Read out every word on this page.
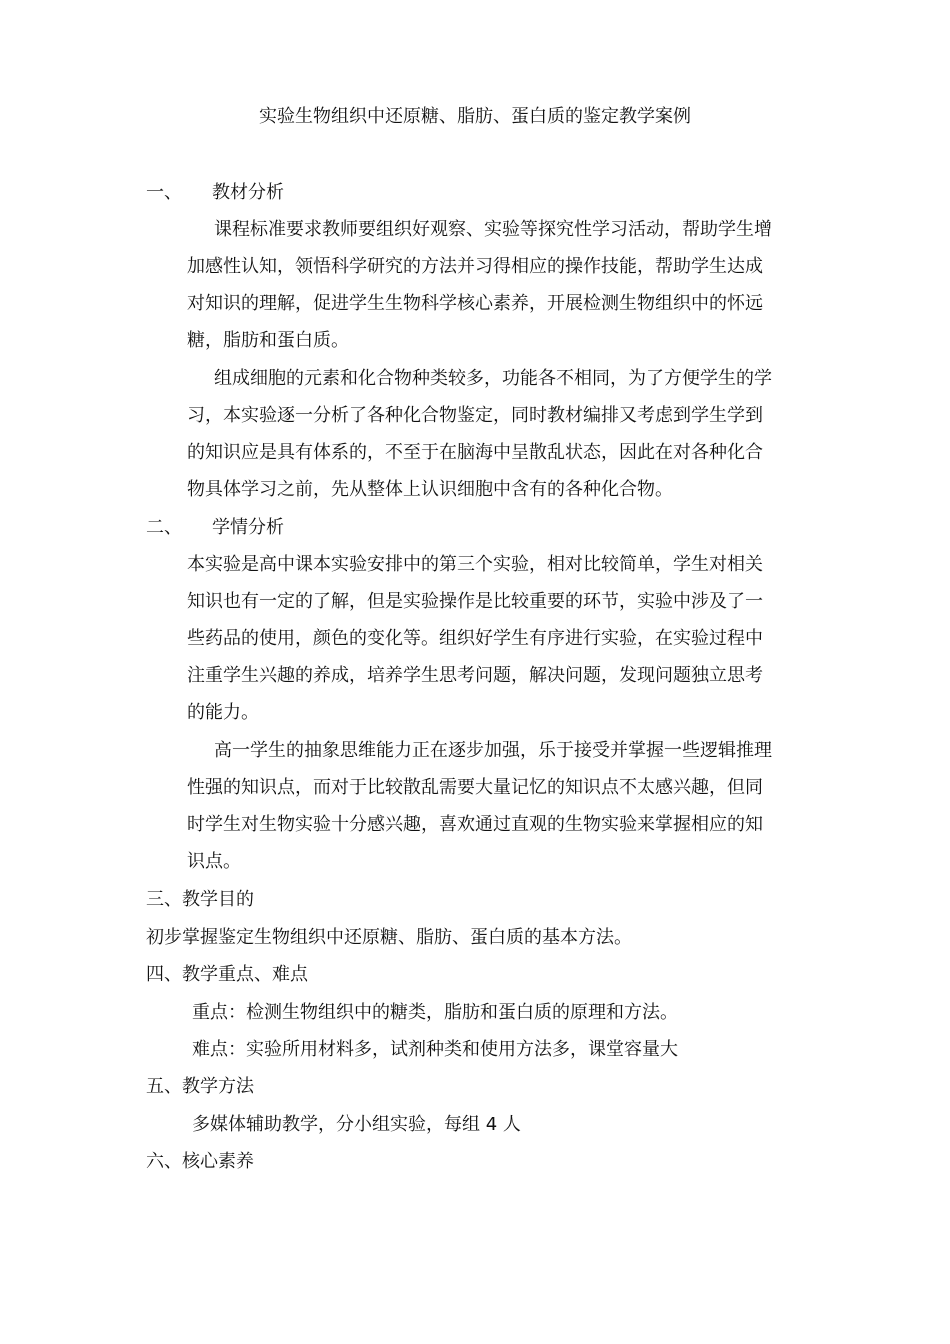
实验生物组织中还原糖、脂肪、蛋白质的鉴定教学案例
一、 教材分析
课程标准要求教师要组织好观察、实验等探究性学习活动，帮助学生增
加感性认知，领悟科学研究的方法并习得相应的操作技能，帮助学生达成
对知识的理解，促进学生生物科学核心素养，开展检测生物组织中的怀远
糖，脂肪和蛋白质。
组成细胞的元素和化合物种类较多，功能各不相同，为了方便学生的学
习，本实验逐一分析了各种化合物鉴定，同时教材编排又考虑到学生学到
的知识应是具有体系的，不至于在脑海中呈散乱状态，因此在对各种化合
物具体学习之前，先从整体上认识细胞中含有的各种化合物。
二、 学情分析
本实验是高中课本实验安排中的第三个实验，相对比较简单，学生对相关
知识也有一定的了解，但是实验操作是比较重要的环节，实验中涉及了一
些药品的使用，颜色的变化等。组织好学生有序进行实验，在实验过程中
注重学生兴趣的养成，培养学生思考问题，解决问题，发现问题独立思考
的能力。
高一学生的抽象思维能力正在逐步加强，乐于接受并掌握一些逻辑推理
性强的知识点，而对于比较散乱需要大量记忆的知识点不太感兴趣，但同
时学生对生物实验十分感兴趣，喜欢通过直观的生物实验来掌握相应的知
识点。
三、教学目的
初步掌握鉴定生物组织中还原糖、脂肪、蛋白质的基本方法。
四、教学重点、难点
重点：检测生物组织中的糖类，脂肪和蛋白质的原理和方法。
难点：实验所用材料多，试剂种类和使用方法多，课堂容量大
五、教学方法
多媒体辅助教学，分小组实验，每组 4 人
六、核心素养
